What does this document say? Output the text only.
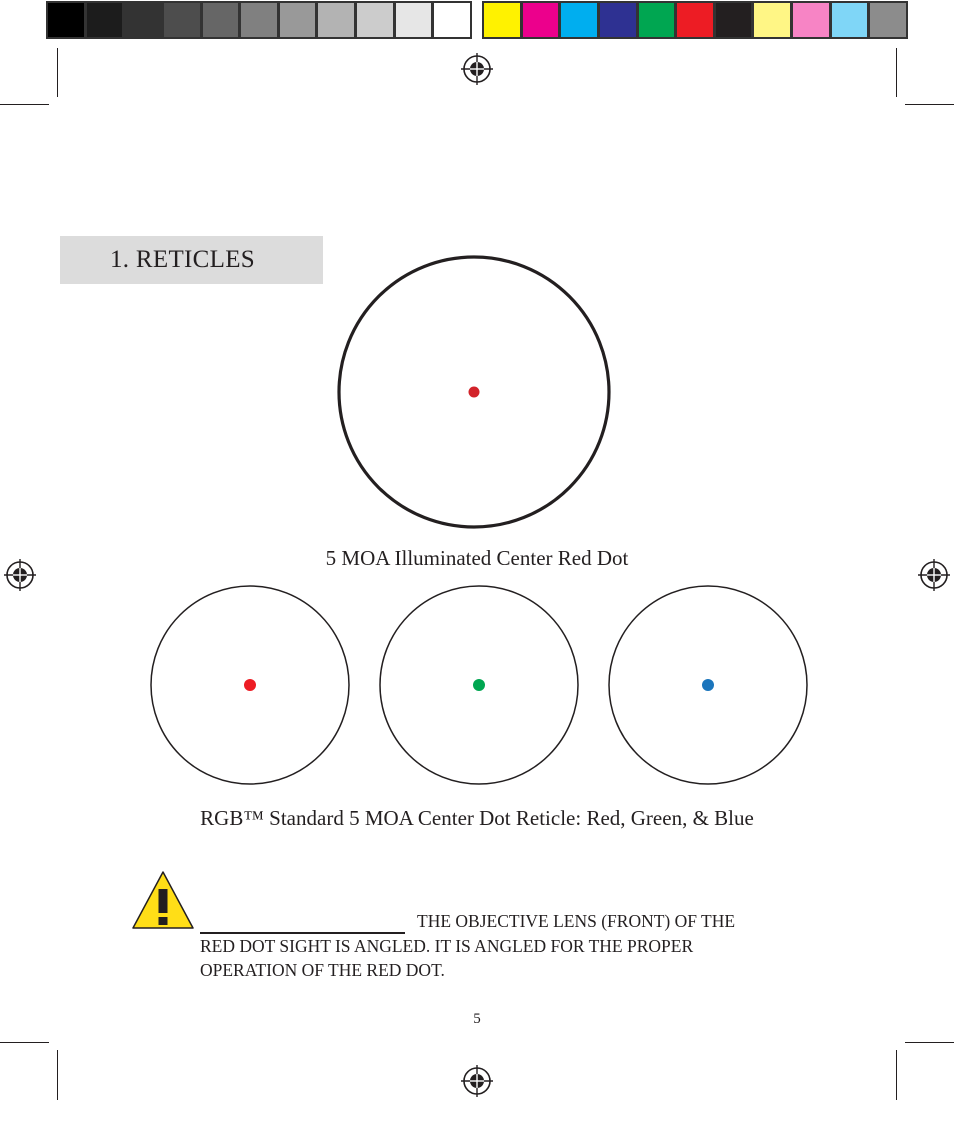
1. RETICLES
5 MOA Illuminated Center Red Dot
RGB™ Standard 5 MOA Center Dot Reticle: Red, Green, & Blue
THE OBJECTIVE LENS (FRONT) OF THE
RED DOT SIGHT IS ANGLED. IT IS ANGLED FOR THE PROPER
OPERATION OF THE RED DOT.
5
